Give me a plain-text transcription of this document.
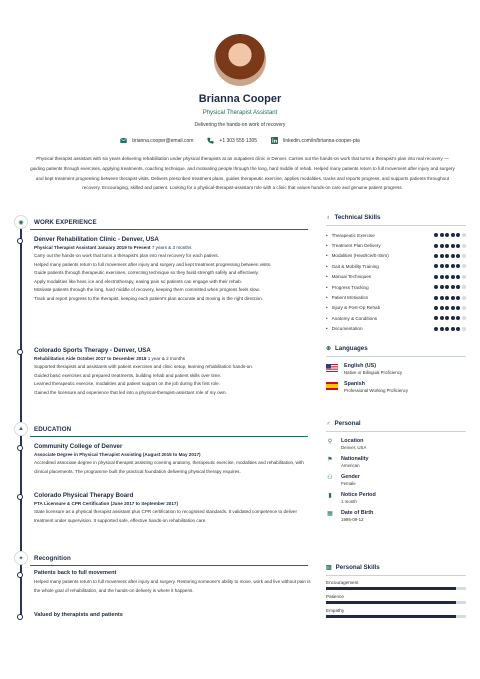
Brianna Cooper
Physical Therapist Assistant
Delivering the hands-on work of recovery
brianna.cooper@email.com	+1 303 555 1305	linkedin.com/in/brianna-cooper-pta
Physical therapist assistant with six years delivering rehabilitation under physical therapists at an outpatient clinic in Denver. Carries out the hands-on work that turns a therapist's plan into real recovery — guiding patients through exercises, applying treatments, coaching technique, and motivating people through the long, hard middle of rehab. Helped many patients return to full movement after injury and surgery and kept treatment progressing between therapist visits. Delivers prescribed treatment plans, guides therapeutic exercise, applies modalities, tracks and reports progress, and supports patients throughout recovery. Encouraging, skilled and patient. Looking for a physical-therapist-assistant role with a clinic that values hands-on care and genuine patient progress.
◉	WORK EXPERIENCE
Denver Rehabilitation Clinic - Denver, USA
Physical Therapist Assistant January 2019 to Present 7 years & 3 months
Carry out the hands-on work that turns a therapist's plan into real recovery for each patient.
Helped many patients return to full movement after injury and surgery and kept treatment progressing between visits.
Guide patients through therapeutic exercises, correcting technique so they build strength safely and effectively.
Apply modalities like heat, ice and electrotherapy, easing pain so patients can engage with their rehab.
Motivate patients through the long, hard middle of recovery, keeping them committed when progress feels slow.
Track and report progress to the therapist, keeping each patient's plan accurate and moving in the right direction.
Colorado Sports Therapy - Denver, USA
Rehabilitation Aide October 2017 to December 2018 1 year & 2 months
Supported therapists and assistants with patient exercises and clinic setup, learning rehabilitation hands-on.
Guided basic exercises and prepared treatments, building rehab and patient skills over time.
Learned therapeutic exercise, modalities and patient support on the job during this first role.
Gained the licensure and experience that led into a physical-therapist-assistant role of my own.
▲	EDUCATION
Community College of Denver
Associate Degree in Physical Therapist Assisting (August 2015 to May 2017)
Accredited associate degree in physical therapist assisting covering anatomy, therapeutic exercise, modalities and rehabilitation, with clinical placements. The programme built the practical foundation delivering physical therapy requires.
Colorado Physical Therapy Board
PTA Licensure & CPR Certification (June 2017 to September 2017)
State licensure as a physical therapist assistant plus CPR certification to recognised standards. It validated competence to deliver treatment under supervision. It supported safe, effective hands-on rehabilitation care.
✦	Recognition
Patients back to full movement
Helped many patients return to full movement after injury and surgery. Restoring someone's ability to move, work and live without pain is the whole goal of rehabilitation, and the hands-on delivery is where it happens.
Valued by therapists and patients
♁ Technical Skills
• Therapeutic Exercise
• Treatment Plan Delivery
• Modalities (Heat/Ice/E-Stim)
• Gait & Mobility Training
• Manual Techniques
• Progress Tracking
• Patient Motivation
• Injury & Post-Op Rehab
• Anatomy & Conditions
• Documentation
⊕ Languages
English (US)
Native or Bilingual Proficiency
Spanish
Professional Working Proficiency
♂ Personal
⚲	Location
Denver, USA
⚑ Nationality
American
⚇ Gender
Female
▮	Notice Period
1 month
▦ Date of Birth
1995-09-12
▥ Personal Skills
Encouragement
Patience
Empathy
